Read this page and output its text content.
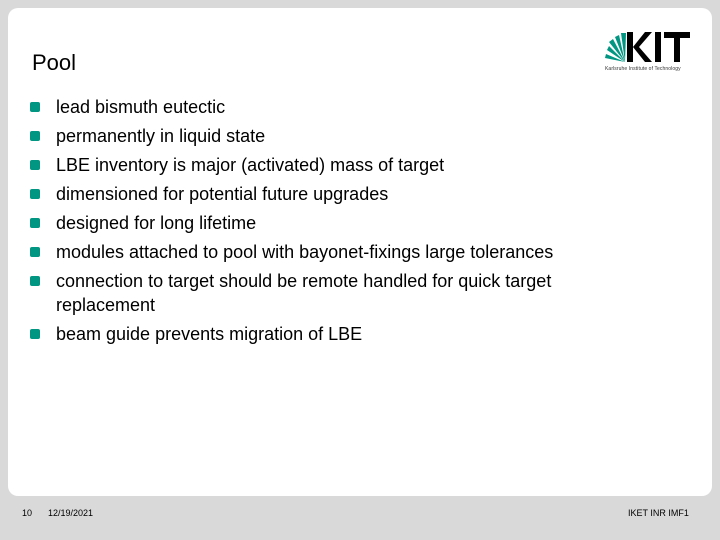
Pool	Karlsruhe Institute of Technology
lead bismuth eutectic
permanently in liquid state
LBE inventory is major (activated) mass of target
dimensioned for potential future upgrades
designed for long lifetime
modules attached to pool with bayonet-fixings large tolerances
connection to target should be remote handled for quick target replacement
beam guide prevents migration of LBE
10 12/19/2021	IKET INR IMF1
